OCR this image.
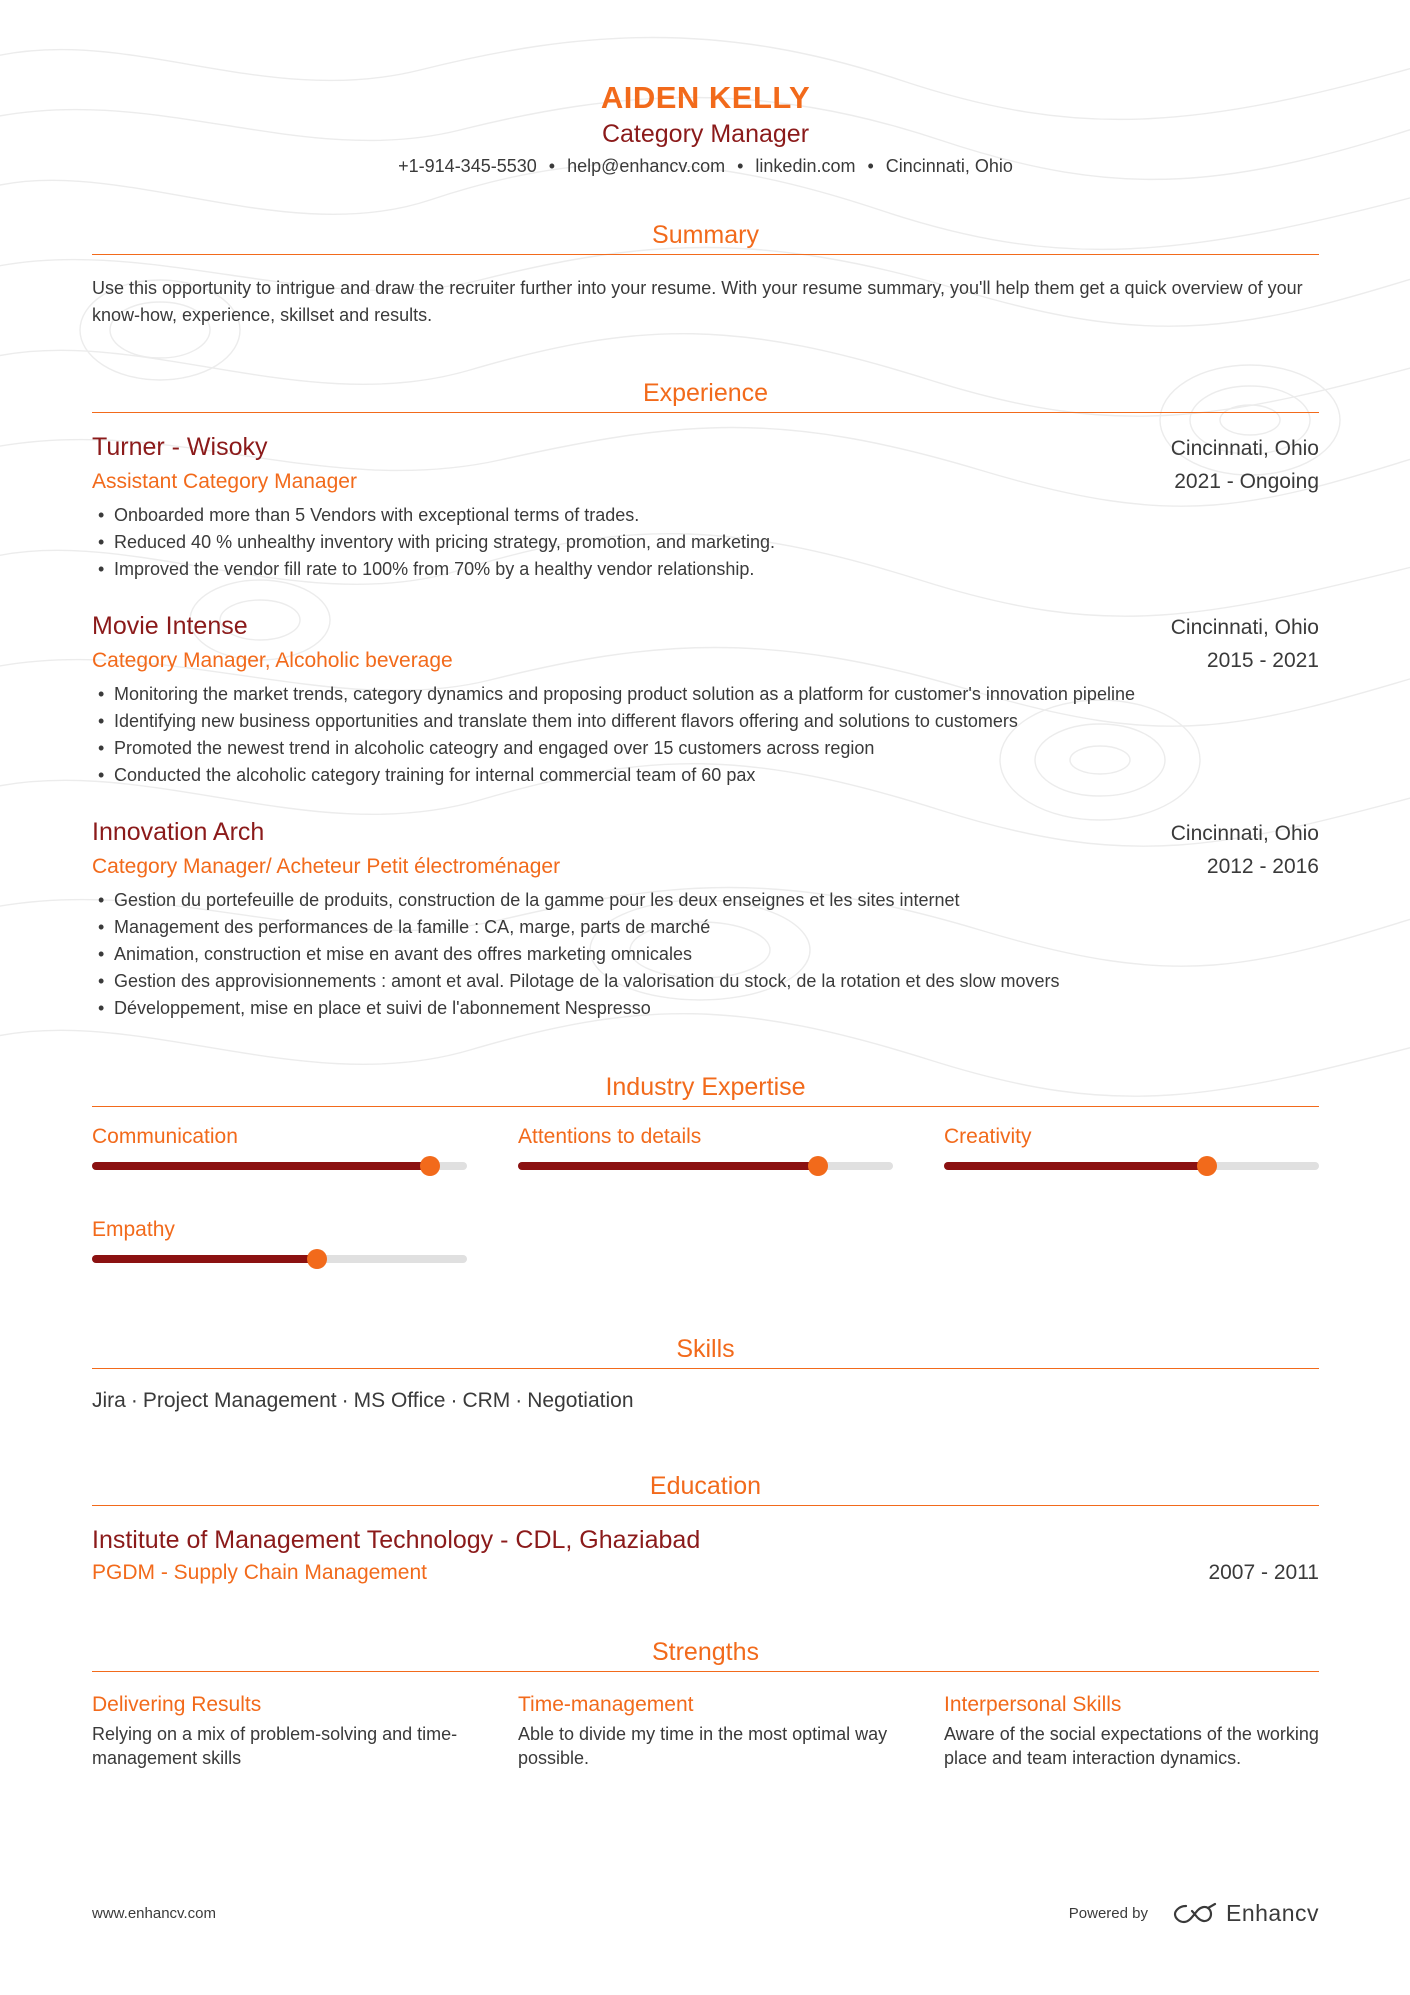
AIDEN KELLY
Category Manager
+1-914-345-5530 • help@enhancv.com • linkedin.com • Cincinnati, Ohio
Summary
Use this opportunity to intrigue and draw the recruiter further into your resume. With your resume summary, you'll help them get a quick overview of your know-how, experience, skillset and results.
Experience
Turner - Wisoky	Cincinnati, Ohio
Assistant Category Manager	2021 - Ongoing
• Onboarded more than 5 Vendors with exceptional terms of trades.
• Reduced 40 % unhealthy inventory with pricing strategy, promotion, and marketing.
• Improved the vendor fill rate to 100% from 70% by a healthy vendor relationship.
Movie Intense	Cincinnati, Ohio
Category Manager, Alcoholic beverage	2015 - 2021
• Monitoring the market trends, category dynamics and proposing product solution as a platform for customer's innovation pipeline
• Identifying new business opportunities and translate them into different flavors offering and solutions to customers
• Promoted the newest trend in alcoholic cateogry and engaged over 15 customers across region
• Conducted the alcoholic category training for internal commercial team of 60 pax
Innovation Arch	Cincinnati, Ohio
Category Manager/ Acheteur Petit électroménager	2012 - 2016
• Gestion du portefeuille de produits, construction de la gamme pour les deux enseignes et les sites internet
• Management des performances de la famille : CA, marge, parts de marché
• Animation, construction et mise en avant des offres marketing omnicales
• Gestion des approvisionnements : amont et aval. Pilotage de la valorisation du stock, de la rotation et des slow movers
• Développement, mise en place et suivi de l'abonnement Nespresso
Industry Expertise
Communication	Attentions to details	Creativity
Empathy
Skills
Jira · Project Management · MS Office · CRM · Negotiation
Education
Institute of Management Technology - CDL, Ghaziabad
PGDM - Supply Chain Management	2007 - 2011
Strengths
Delivering Results
Relying on a mix of problem-solving and time-management skills
Time-management
Able to divide my time in the most optimal way possible.
Interpersonal Skills
Aware of the social expectations of the working place and team interaction dynamics.
www.enhancv.com	Powered by	Enhancv
